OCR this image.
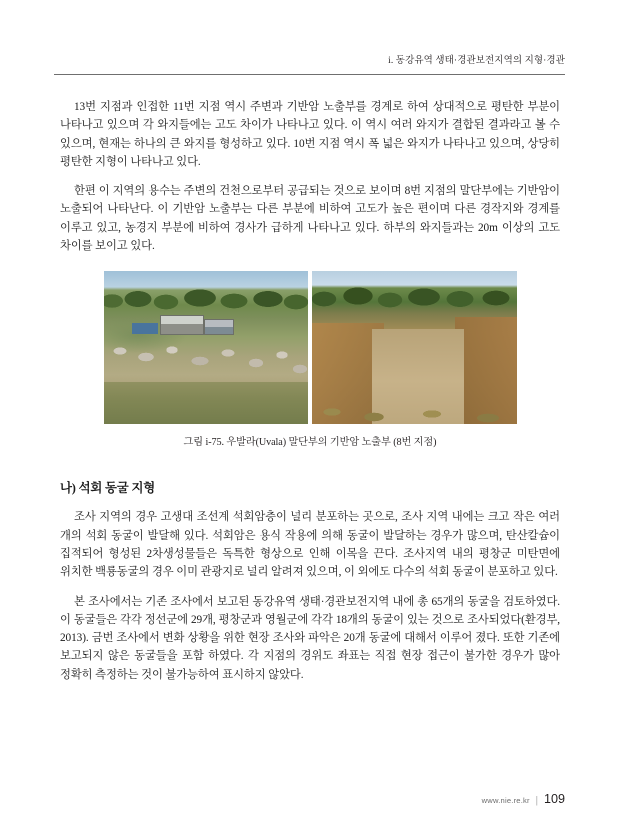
i. 동강유역 생태·경관보전지역의 지형·경관

13번 지점과 인접한 11번 지점 역시 주변과 기반암 노출부를 경계로 하여 상대적으로 평탄한 부분이 나타나고 있으며 각 와지들에는 고도 차이가 나타나고 있다. 이 역시 여러 와지가 결합된 결과라고 볼 수 있으며, 현재는 하나의 큰 와지를 형성하고 있다. 10번 지점 역시 폭 넓은 와지가 나타나고 있으며, 상당히 평탄한 지형이 나타나고 있다.

한편 이 지역의 용수는 주변의 건천으로부터 공급되는 것으로 보이며 8번 지점의 말단부에는 기반암이 노출되어 나타난다. 이 기반암 노출부는 다른 부분에 비하여 고도가 높은 편이며 다른 경작지와 경계를 이루고 있고, 농경지 부분에 비하여 경사가 급하게 나타나고 있다. 하부의 와지들과는 20m 이상의 고도 차이를 보이고 있다.

그림 i-75. 우발라(Uvala) 말단부의 기반암 노출부 (8번 지점)
나) 석회 동굴 지형

조사 지역의 경우 고생대 조선계 석회암층이 널리 분포하는 곳으로, 조사 지역 내에는 크고 작은 여러 개의 석회 동굴이 발달해 있다. 석회암은 용식 작용에 의해 동굴이 발달하는 경우가 많으며, 탄산칼슘이 집적되어 형성된 2차생성물들은 독특한 형상으로 인해 이목을 끈다. 조사지역 내의 평창군 미탄면에 위치한 백룡동굴의 경우 이미 관광지로 널리 알려져 있으며, 이 외에도 다수의 석회 동굴이 분포하고 있다.

본 조사에서는 기존 조사에서 보고된 동강유역 생태·경관보전지역 내에 총 65개의 동굴을 검토하였다. 이 동굴들은 각각 정선군에 29개, 평창군과 영월군에 각각 18개의 동굴이 있는 것으로 조사되었다(환경부, 2013). 금번 조사에서 변화 상황을 위한 현장 조사와 파악은 20개 동굴에 대해서 이루어 졌다. 또한 기존에 보고되지 않은 동굴들을 포함 하였다. 각 지점의 경위도 좌표는 직접 현장 접근이 불가한 경우가 많아 정확히 측정하는 것이 불가능하여 표시하지 않았다.

www.nie.re.kr | 109
